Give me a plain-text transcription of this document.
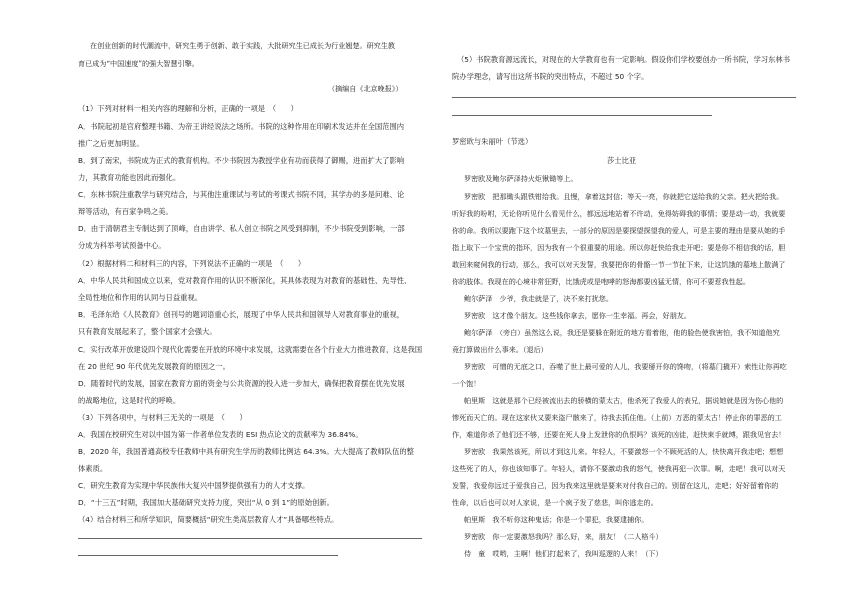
在创业创新的时代潮流中，研究生勇于创新、敢于实践，大批研究生已成长为行业翘楚。研究生教
育已成为“中国速度”的强大智慧引擎。
（摘编自《北京晚报》）
（1）下列对材料一相关内容的理解和分析，正确的一项是　（　　）
A．书院起初是官府整理书籍、为帝王讲经说法之场所。书院的这种作用在印刷术发达并在全国范围内
推广之后更加明显。
B．到了南宋，书院成为正式的教育机构。不少书院因为教授学业有功而获得了御赐，进而扩大了影响
力，其教育功能也因此而强化。
C．东林书院注重教学与研究结合，与其他注重课试与考试的考课式书院不同，其学办的多是问难、论
辩等活动，有百家争鸣之美。
D．由于清朝君主专制达到了顶峰，自由讲学、私人创立书院之风受到抑制，不少书院受到影响，一部
分成为科举考试预备中心。
（2）根据材料二和材料三的内容，下列说法不正确的一项是　（　　）
A．中华人民共和国成立以来，党对教育作用的认识不断深化，其具体表现为对教育的基础性、先导性、
全局性地位和作用的认同与日益重视。
B．毛泽东给《人民教育》创刊号的题词语重心长，展现了中华人民共和国领导人对教育事业的重视，
只有教育发展起来了，整个国家才会强大。
C．实行改革开放建设四个现代化需要在开放的环境中求发展，这就需要在各个行业大力推进教育，这是我国
在 20 世纪 90 年代优先发展教育的原因之一。
D．随着时代的发展，国家在教育方面的资金与公共资源的投入进一步加大，确保把教育摆在优先发展
的战略地位，这是时代的呼唤。
（3）下列各项中，与材料三无关的一项是　（　　）
A．我国在校研究生对以中国为第一作者单位发表的 ESI 热点论文的贡献率为 36.84%。
B．2020 年，我国普通高校专任教师中具有研究生学历的教师比例达 64.3%。大大提高了教师队伍的整
体素质。
C．研究生教育为实现中华民族伟大复兴中国梦提供强有力的人才支撑。
D．“十三五”时期，我国加大基础研究支持力度，突出“从 0 到 1”的原始创新。
（4）结合材料三和所学知识，简要概括“研究生类高层教育人才”具备哪些特点。
（5）书院教育源远流长，对现在的大学教育也有一定影响。假设你们学校要创办一所书院，学习东林书
院办学理念，请写出这所书院的突出特点，不超过 50 个字。
罗密欧与朱丽叶（节选）
莎士比亚
罗密欧及鲍尔萨泽持火炬锹锄等上。
罗密欧　把那锄头跟铁钳给我。且慢，拿着这封信；等天一亮，你就把它送给我的父亲。把火把给我。
听好我的吩咐，无论你听见什么看见什么，都远远地站着不许动，免得妨碍我的事情；要是动一动，我就要
你的命。我所以要跑下这个坟墓里去，一部分的原因是要探望探望我的爱人，可是主要的理由是要从她的手
指上取下一个宝贵的指环，因为我有一个很重要的用途。所以你赶快给我走开吧；要是你不相信我的话，胆
敢回来窥伺我的行动，那么，我可以对天发誓，我要把你的骨骼一节一节扯下来，让这饥饿的墓地上散满了
你的肢体。我现在的心境非常狂野，比饿虎或是咆哮的怒海都要凶猛无情，你可不要惹我性起。
鲍尔萨泽　少爷，我走就是了，决不来打扰您。
罗密欧　这才像个朋友。这些钱你拿去，愿你一生幸福。再会，好朋友。
鲍尔萨泽　（旁白）虽然这么说，我还是要躲在附近的地方看着他，他的脸色使我害怕，我不知道他究
竟打算做出什么事来。（退后）
罗密欧　可憎的无底之口，吞噬了世上最可爱的人儿，我要掰开你的馋吻，（将墓门撬开）索性让你再吃
一个饱！
帕里斯　这就是那个已经被流出去的骄横的蒙太古，他杀死了我爱人的表兄，据说她就是因为伤心他的
惨死而天亡的。现在这家伙又要来盗尸骸来了，待我去抓住他。（上前）万恶的蒙太古！停止你的罪恶的工
作，难道你杀了他们还不够，还要在死人身上发泄你的仇恨吗？该死的凶徒，赶快束手就缚，跟我见官去！
罗密欧　我果然该死，所以才到这儿来。年轻人，不要激怒一个不顾死活的人，快快离开我走吧；想想
这些死了的人，你也该知事了。年轻人，请你不要激动我的怒气，使我再犯一次罪。啊，走吧！我可以对天
发誓，我爱你远过于爱我自己，因为我来这里就是要来对付我自己的。别留在这儿，走吧；好好留着你的
性命，以后也可以对人家说，是一个疯子发了慈悲，叫你逃走的。
帕里斯　我不听你这种鬼话；你是一个罪犯，我要逮捕你。
罗密欧　你一定要激怒我吗？那么好，来，朋友！（二人格斗）
侍　童　哎哟，主啊！他们打起来了，我叫巡逻的人来！（下）
